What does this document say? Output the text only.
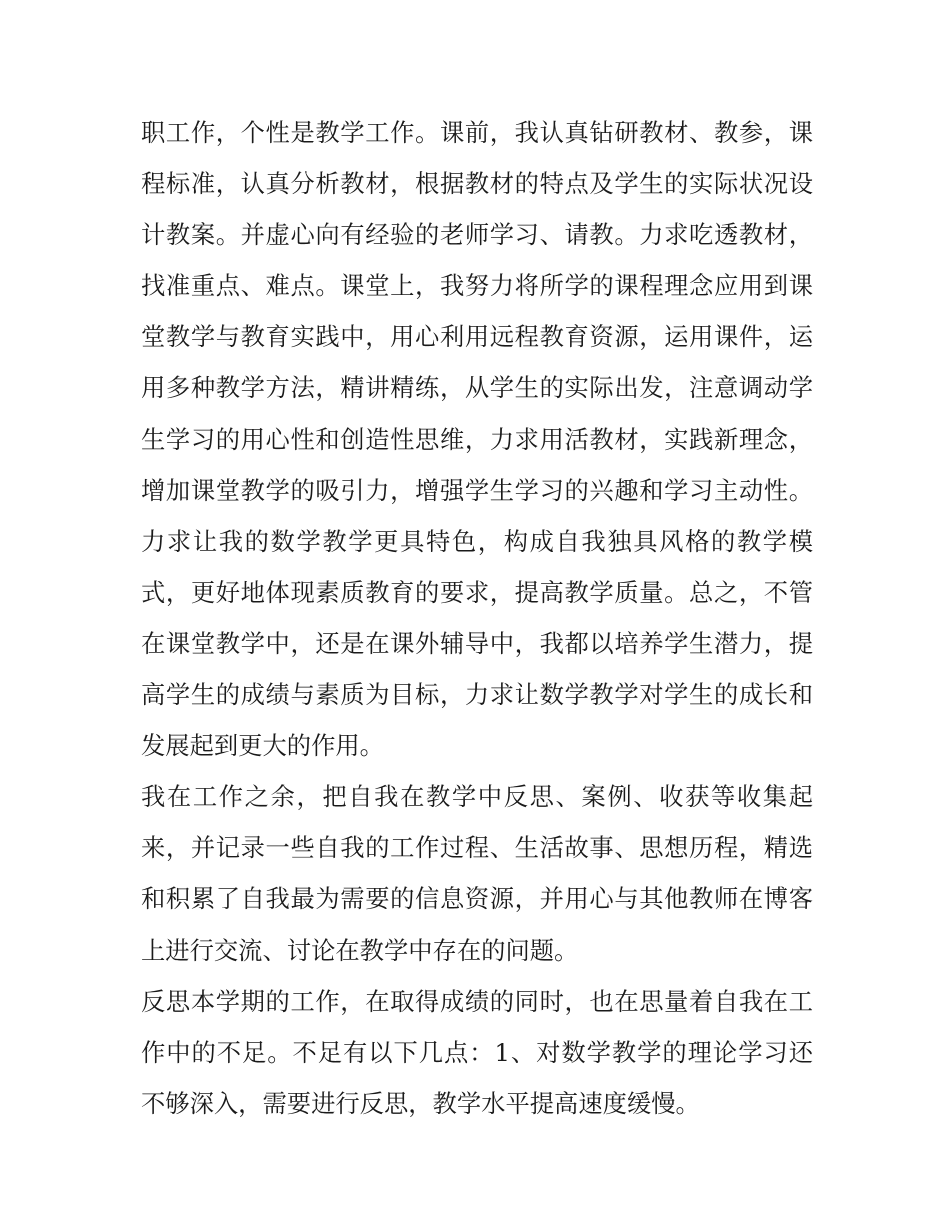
职工作，个性是教学工作。课前，我认真钻研教材、教参，课
程标准，认真分析教材，根据教材的特点及学生的实际状况设
计教案。并虚心向有经验的老师学习、请教。力求吃透教材，
找准重点、难点。课堂上，我努力将所学的课程理念应用到课
堂教学与教育实践中，用心利用远程教育资源，运用课件，运
用多种教学方法，精讲精练，从学生的实际出发，注意调动学
生学习的用心性和创造性思维，力求用活教材，实践新理念，
增加课堂教学的吸引力，增强学生学习的兴趣和学习主动性。
力求让我的数学教学更具特色，构成自我独具风格的教学模
式，更好地体现素质教育的要求，提高教学质量。总之，不管
在课堂教学中，还是在课外辅导中，我都以培养学生潜力，提
高学生的成绩与素质为目标，力求让数学教学对学生的成长和
发展起到更大的作用。
我在工作之余，把自我在教学中反思、案例、收获等收集起
来，并记录一些自我的工作过程、生活故事、思想历程，精选
和积累了自我最为需要的信息资源，并用心与其他教师在博客
上进行交流、讨论在教学中存在的问题。
反思本学期的工作，在取得成绩的同时，也在思量着自我在工
作中的不足。不足有以下几点：1、对数学教学的理论学习还
不够深入，需要进行反思，教学水平提高速度缓慢。
